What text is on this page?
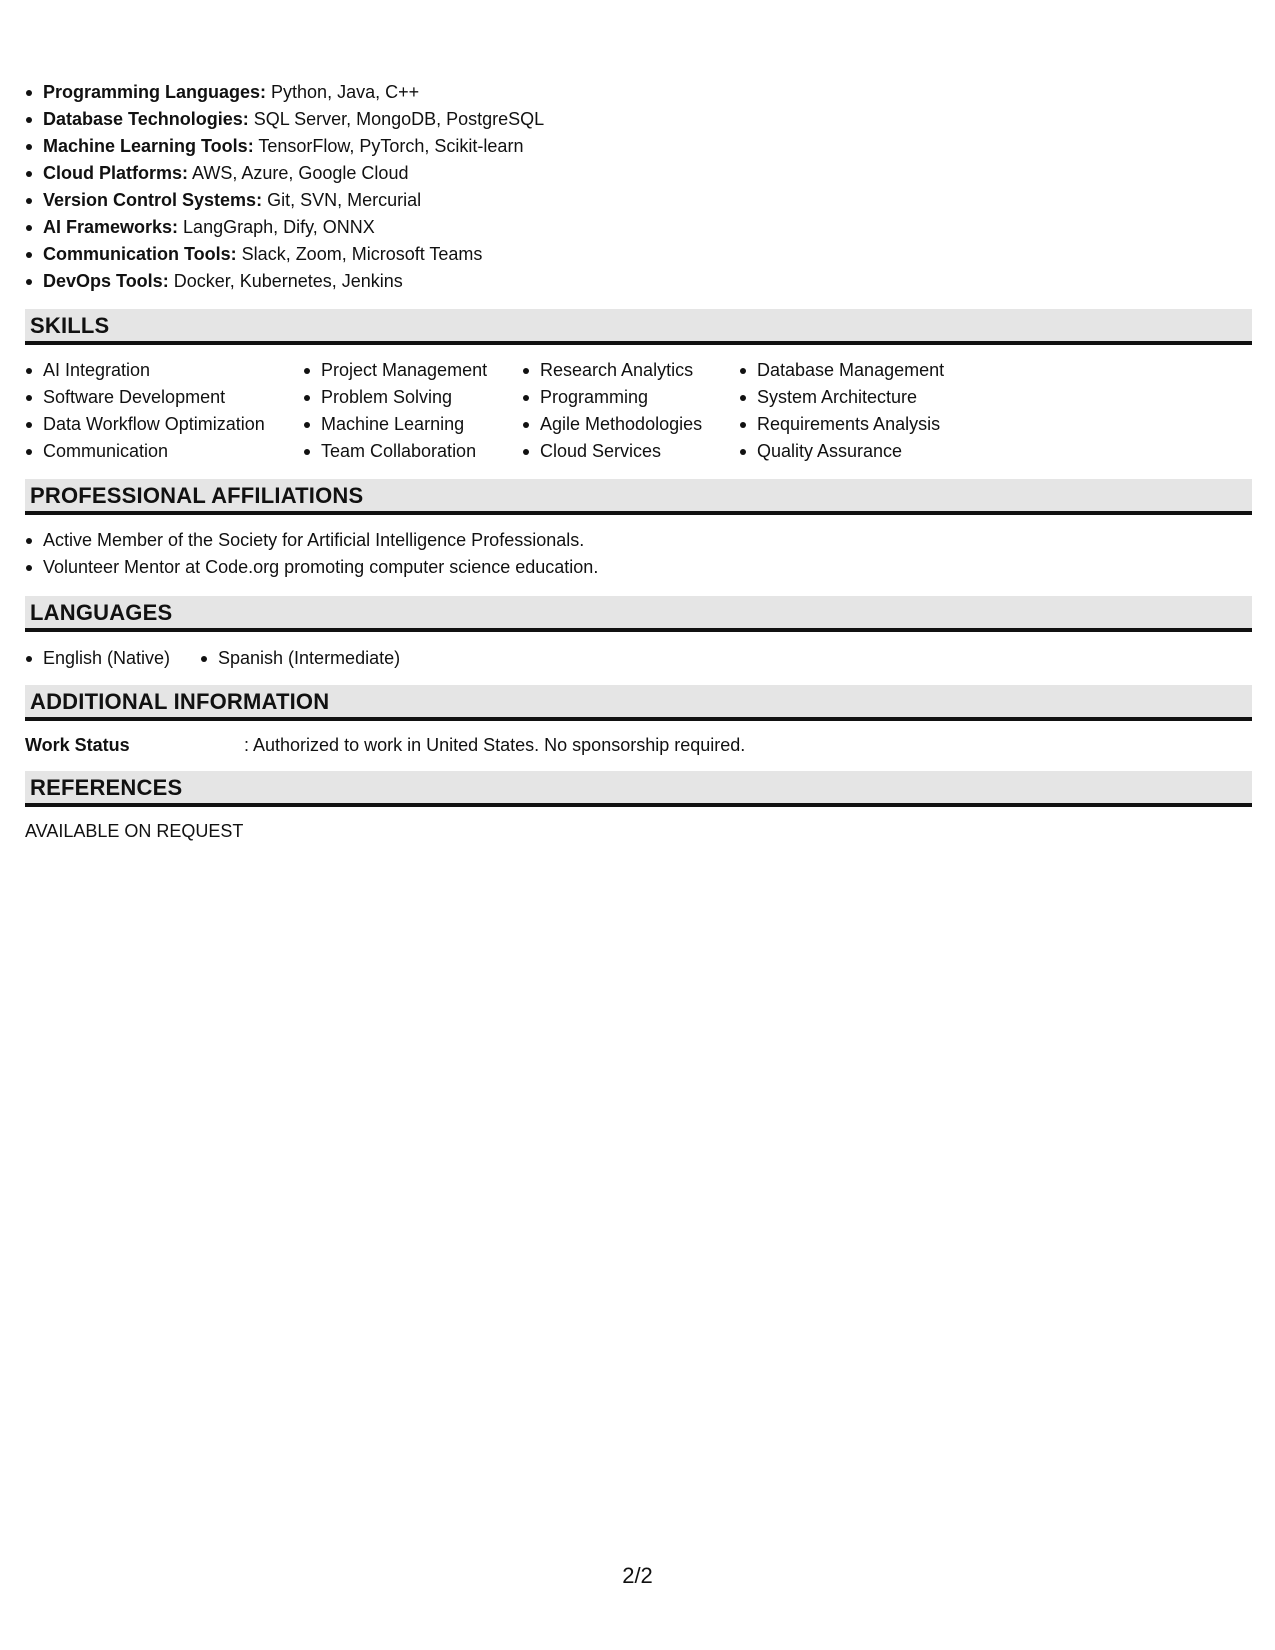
Programming Languages: Python, Java, C++
Database Technologies: SQL Server, MongoDB, PostgreSQL
Machine Learning Tools: TensorFlow, PyTorch, Scikit-learn
Cloud Platforms: AWS, Azure, Google Cloud
Version Control Systems: Git, SVN, Mercurial
AI Frameworks: LangGraph, Dify, ONNX
Communication Tools: Slack, Zoom, Microsoft Teams
DevOps Tools: Docker, Kubernetes, Jenkins
SKILLS
AI Integration
Software Development
Data Workflow Optimization
Communication
Project Management
Problem Solving
Machine Learning
Team Collaboration
Research Analytics
Programming
Agile Methodologies
Cloud Services
Database Management
System Architecture
Requirements Analysis
Quality Assurance
PROFESSIONAL AFFILIATIONS
Active Member of the Society for Artificial Intelligence Professionals.
Volunteer Mentor at Code.org promoting computer science education.
LANGUAGES
English (Native)	Spanish (Intermediate)
ADDITIONAL INFORMATION
Work Status	: Authorized to work in United States. No sponsorship required.
REFERENCES
AVAILABLE ON REQUEST
2/2
